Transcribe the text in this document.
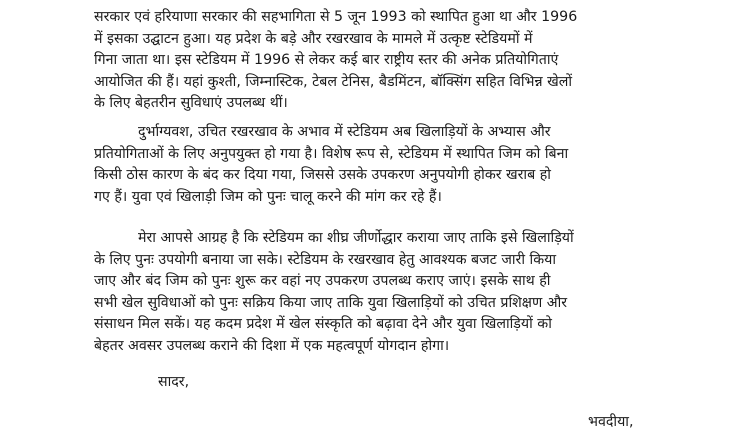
सरकार एवं हरियाणा सरकार की सहभागिता से 5 जून 1993 को स्थापित हुआ था और 1996
में इसका उद्घाटन हुआ। यह प्रदेश के बड़े और रखरखाव के मामले में उत्कृष्ट स्टेडियमों में
गिना जाता था। इस स्टेडियम में 1996 से लेकर कई बार राष्ट्रीय स्तर की अनेक प्रतियोगिताएं
आयोजित की हैं। यहां कुश्ती, जिम्नास्टिक, टेबल टेनिस, बैडमिंटन, बॉक्सिंग सहित विभिन्न खेलों
के लिए बेहतरीन सुविधाएं उपलब्ध थीं।
दुर्भाग्यवश, उचित रखरखाव के अभाव में स्टेडियम अब खिलाड़ियों के अभ्यास और
प्रतियोगिताओं के लिए अनुपयुक्त हो गया है। विशेष रूप से, स्टेडियम में स्थापित जिम को बिना
किसी ठोस कारण के बंद कर दिया गया, जिससे उसके उपकरण अनुपयोगी होकर खराब हो
गए हैं। युवा एवं खिलाड़ी जिम को पुनः चालू करने की मांग कर रहे हैं।
मेरा आपसे आग्रह है कि स्टेडियम का शीघ्र जीर्णोद्धार कराया जाए ताकि इसे खिलाड़ियों
के लिए पुनः उपयोगी बनाया जा सके। स्टेडियम के रखरखाव हेतु आवश्यक बजट जारी किया
जाए और बंद जिम को पुनः शुरू कर वहां नए उपकरण उपलब्ध कराए जाएं। इसके साथ ही
सभी खेल सुविधाओं को पुनः सक्रिय किया जाए ताकि युवा खिलाड़ियों को उचित प्रशिक्षण और
संसाधन मिल सकें। यह कदम प्रदेश में खेल संस्कृति को बढ़ावा देने और युवा खिलाड़ियों को
बेहतर अवसर उपलब्ध कराने की दिशा में एक महत्वपूर्ण योगदान होगा।

सादर,

भवदीया,
